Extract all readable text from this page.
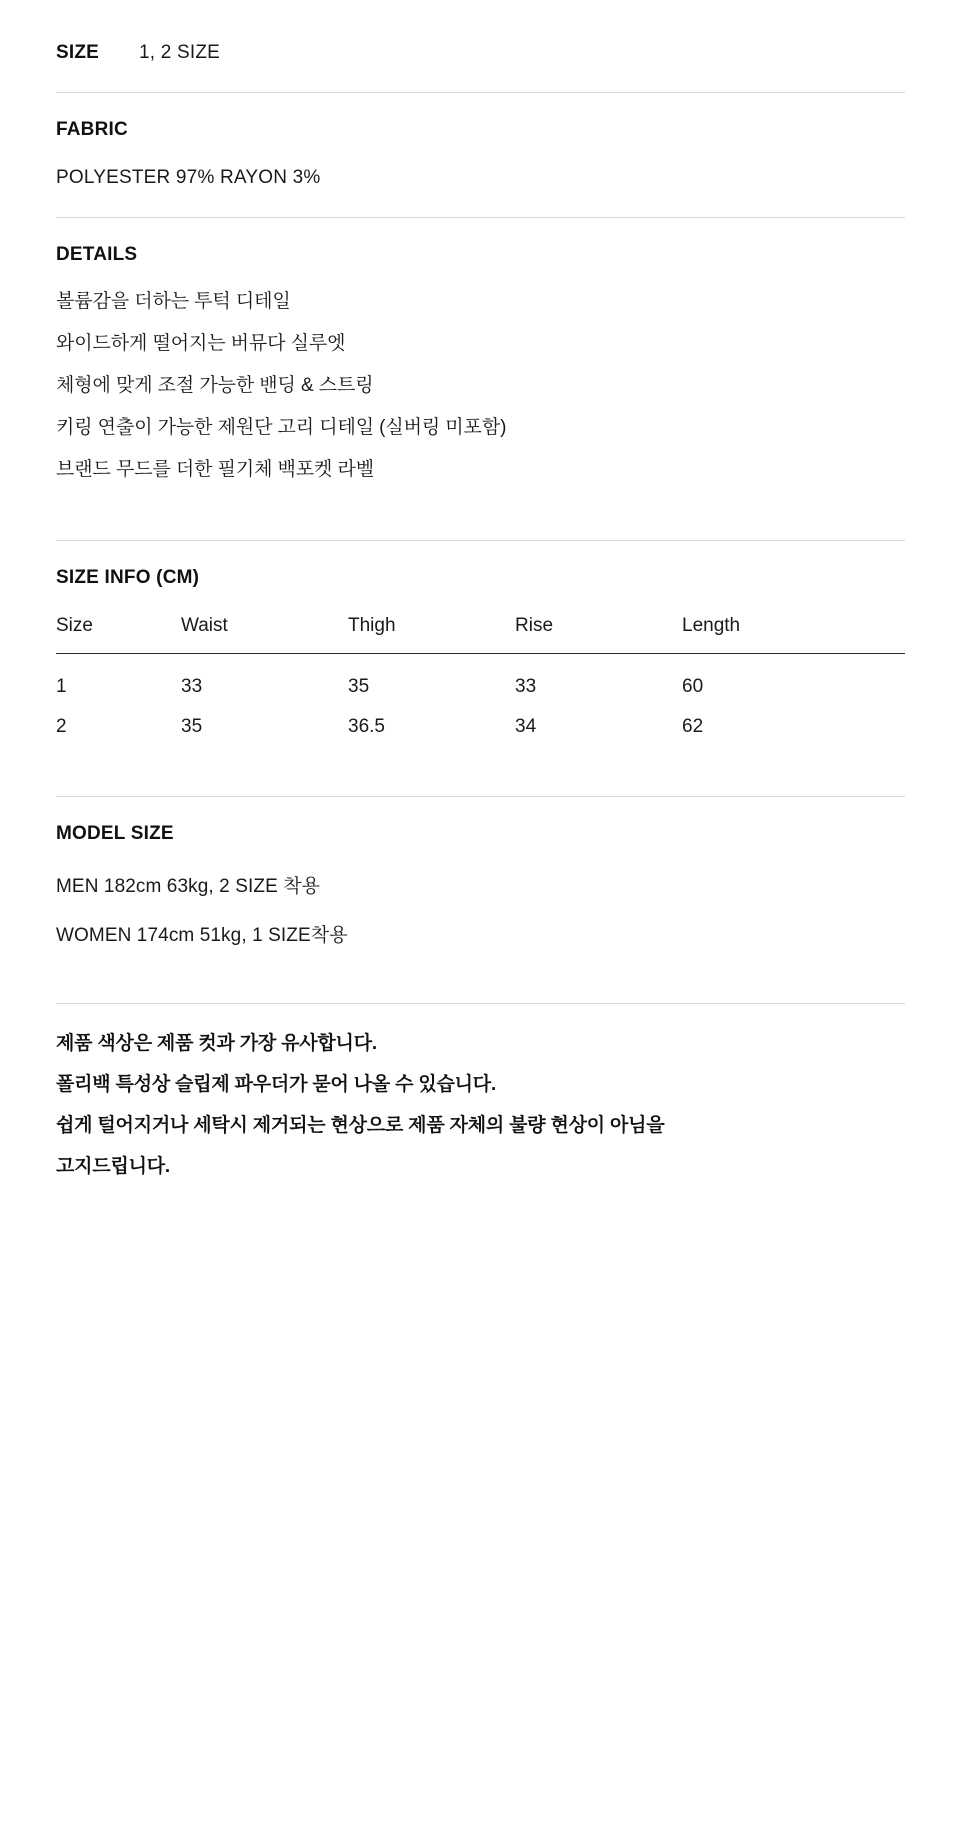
SIZE 1, 2 SIZE
FABRIC

POLYESTER 97% RAYON 3%

DETAILS

볼륨감을 더하는 투턱 디테일

와이드하게 떨어지는 버뮤다 실루엣

체형에 맞게 조절 가능한 밴딩 & 스트링

키링 연출이 가능한 제원단 고리 디테일 (실버링 미포함)

브랜드 무드를 더한 필기체 백포켓 라벨

SIZE INFO (CM)
Size	Waist	Thigh	Rise	Length
1	33	35	33	60
2	35	36.5	34	62
MODEL SIZE

MEN 182cm 63kg, 2 SIZE 착용

WOMEN 174cm 51kg, 1 SIZE착용

제품 색상은 제품 컷과 가장 유사합니다.

폴리백 특성상 슬립제 파우더가 묻어 나올 수 있습니다.

쉽게 털어지거나 세탁시 제거되는 현상으로 제품 자체의 불량 현상이 아님을

고지드립니다.
